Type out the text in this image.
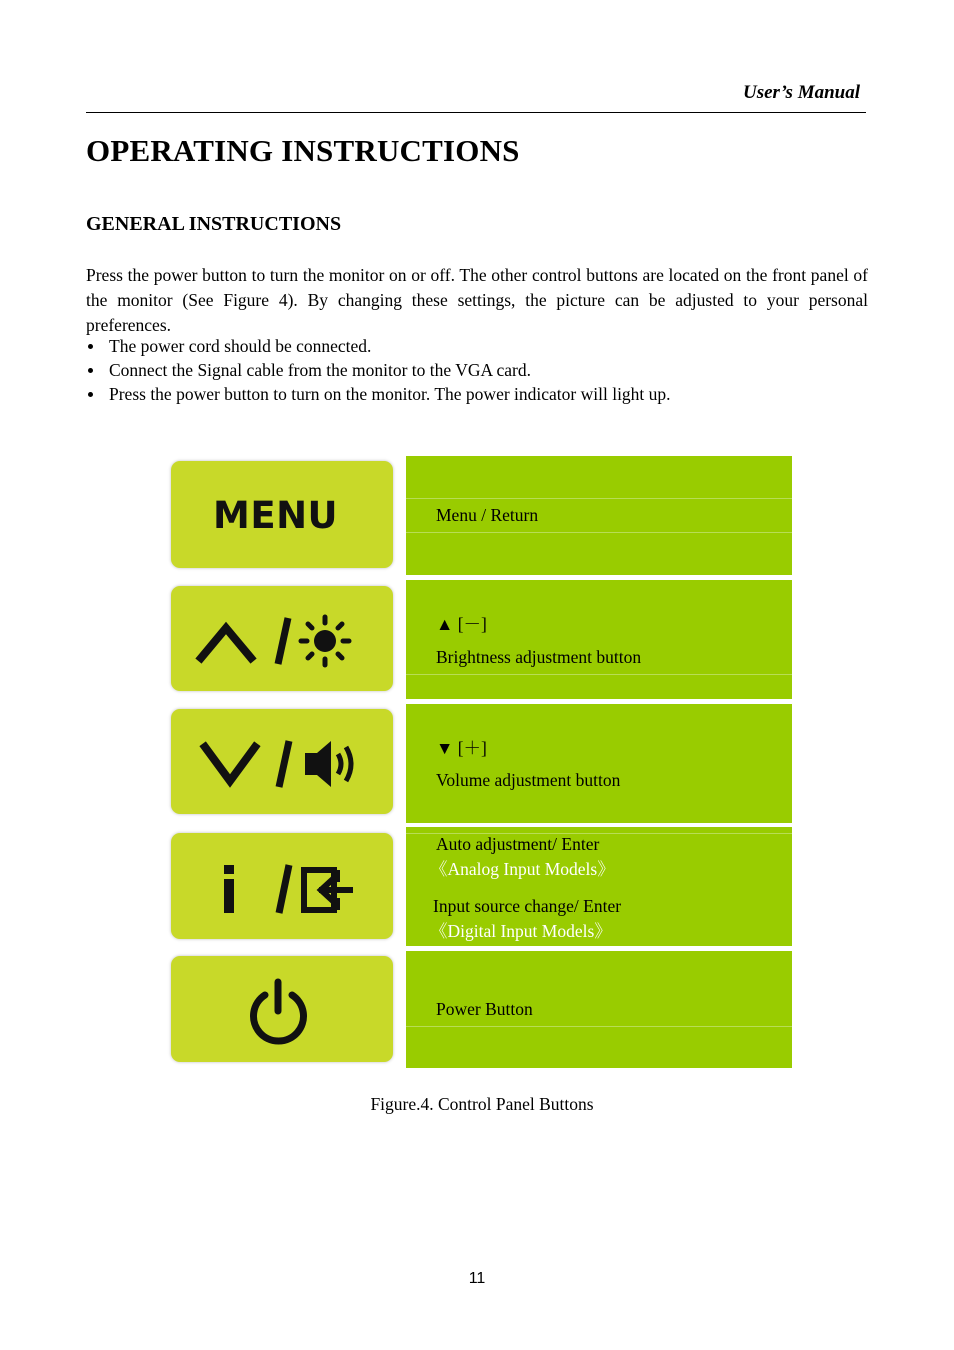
User’s Manual
OPERATING INSTRUCTIONS
GENERAL INSTRUCTIONS

Press the power button to turn the monitor on or off. The other control buttons are located on the front panel of the monitor (See Figure 4). By changing these settings, the picture can be adjusted to your personal preferences.

The power cord should be connected.
Connect the Signal cable from the monitor to the VGA card.
Press the power button to turn on the monitor. The power indicator will light up.
MENU	Menu / Return
▲ [－]
Brightness adjustment button
▼ [＋]
Volume adjustment button
Auto adjustment/ Enter
《Analog Input Models》
Input source change/ Enter
《Digital Input Models》
Power Button
Figure.4. Control Panel Buttons
11
